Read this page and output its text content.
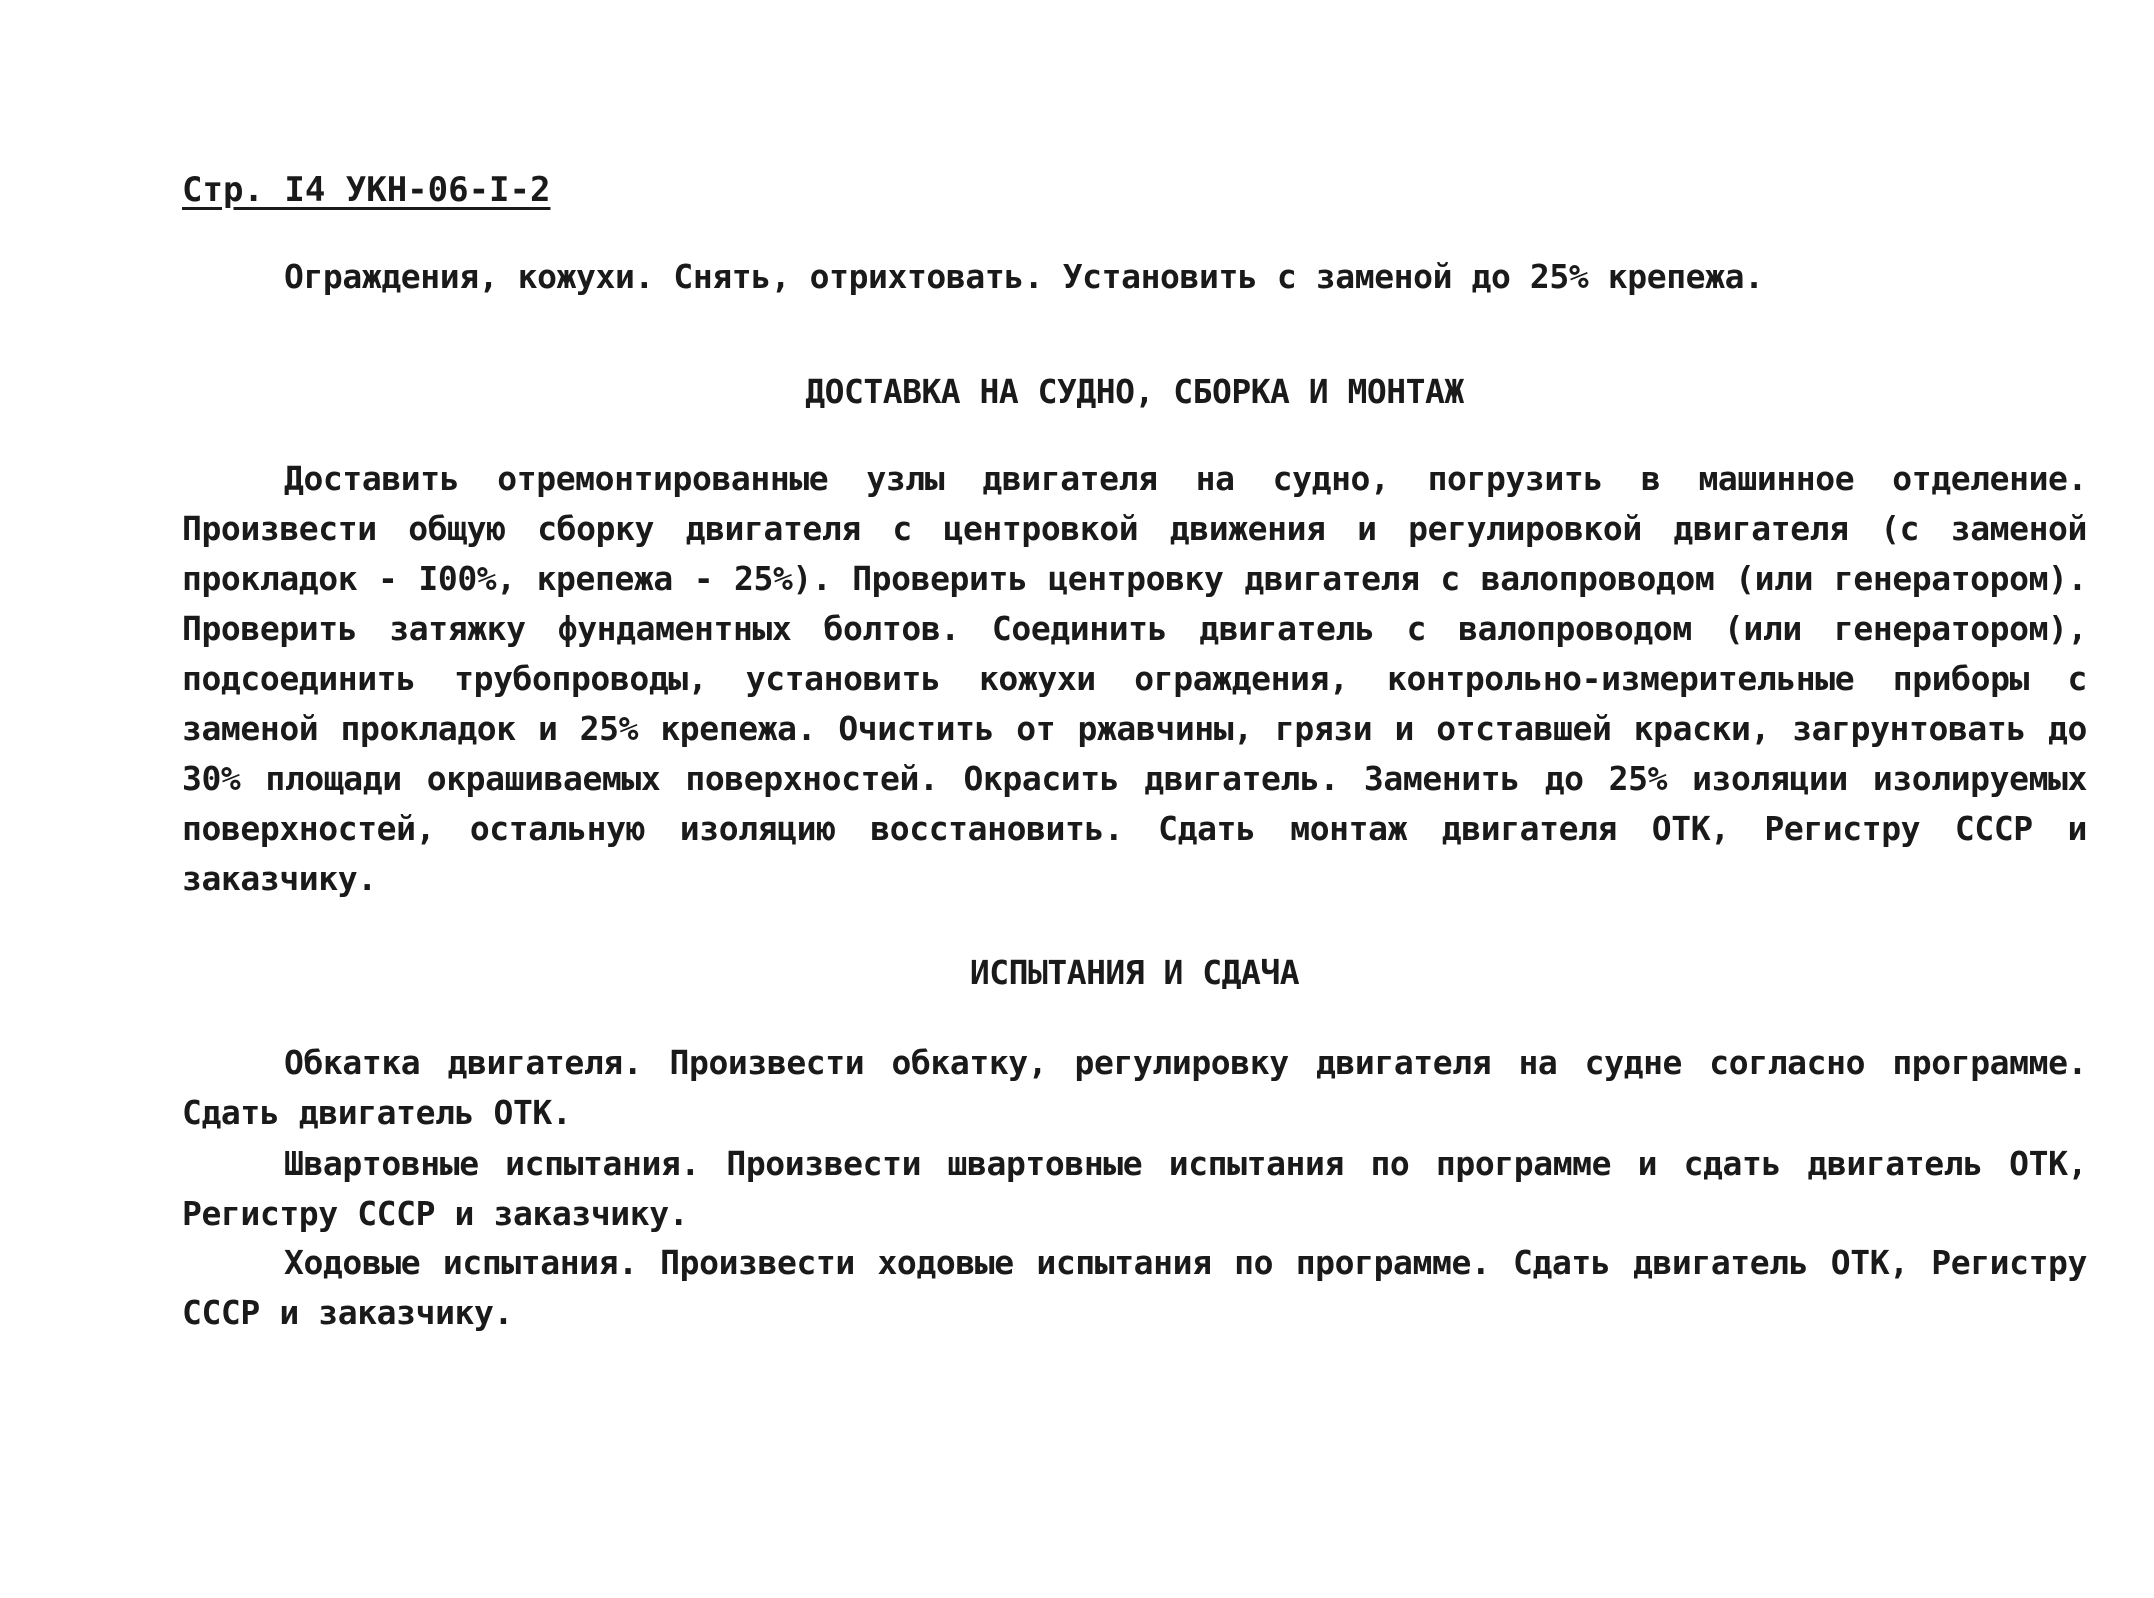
Стр. I4 УКН-06-I-2

Ограждения, кожухи. Снять, отрихтовать. Установить с заменой до 25% крепежа.

ДОСТАВКА НА СУДНО, СБОРКА И МОНТАЖ

Доставить отремонтированные узлы двигателя на судно, погрузить в машинное отделение. Произвести общую сборку двигателя с центровкой движения и регулировкой двигателя (с заменой прокладок - I00%, крепежа - 25%). Проверить центровку двигателя с валопроводом (или генератором). Проверить затяжку фундаментных болтов. Соединить двигатель с валопроводом (или генератором), подсоединить трубопроводы, установить кожухи ограждения, контрольно-измерительные приборы с заменой прокладок и 25% крепежа. Очистить от ржавчины, грязи и отставшей краски, загрунтовать до 30% площади окрашиваемых поверхностей. Окрасить двигатель. Заменить до 25% изоляции изолируемых поверхностей, остальную изоляцию восстановить. Сдать монтаж двигателя ОТК, Регистру СССР и заказчику.

ИСПЫТАНИЯ И СДАЧА

Обкатка двигателя. Произвести обкатку, регулировку двигателя на судне согласно программе. Сдать двигатель ОТК.

Швартовные испытания. Произвести швартовные испытания по программе и сдать двигатель ОТК, Регистру СССР и заказчику.

Ходовые испытания. Произвести ходовые испытания по программе. Сдать двигатель ОТК, Регистру СССР и заказчику.
